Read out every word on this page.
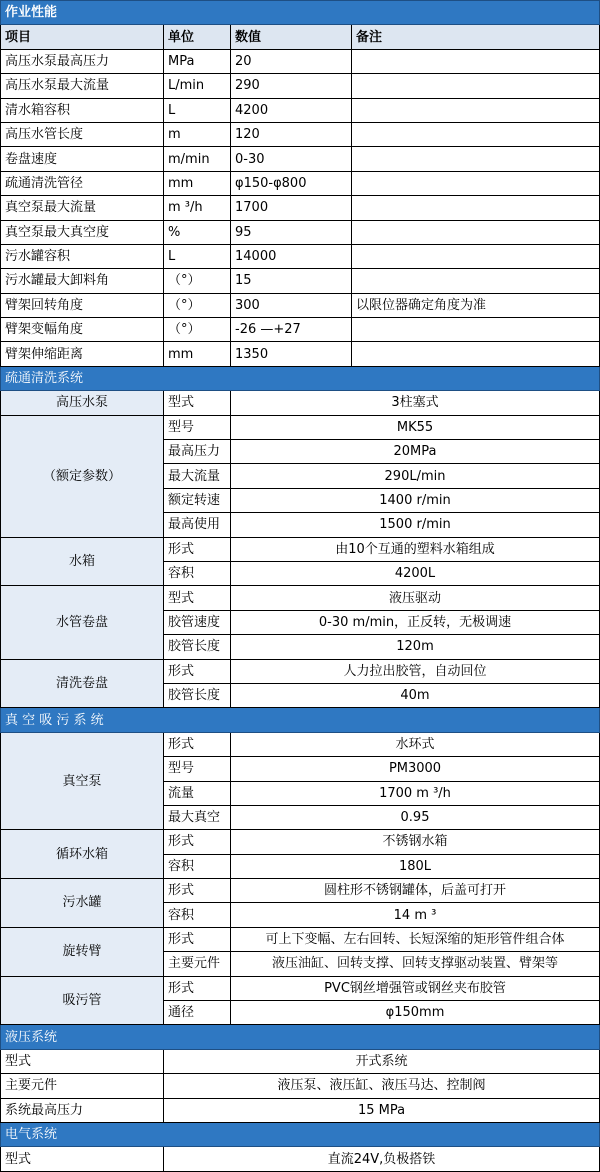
作业性能			
项目	单位	数值	备注
高压水泵最高压力	MPa	20	
高压水泵最大流量	L/min	290	
清水箱容积	L	4200	
高压水管长度	m	120	
卷盘速度	m/min	0-30	
疏通清洗管径	mm	φ150-φ800	
真空泵最大流量	m ³/h	1700	
真空泵最大真空度	%	95	
污水罐容积	L	14000	
污水罐最大卸料角	（°）	15	
臂架回转角度	（°）	300	以限位器确定角度为准
臂架变幅角度	（°）	-26 —+27	
臂架伸缩距离	mm	1350	
疏通清洗系统			
高压水泵	型式	3柱塞式	
（额定参数）	型号	MK55	
	最高压力	20MPa	
	最大流量	290L/min	
	额定转速	1400 r/min	
	最高使用	1500 r/min	
水箱	形式	由10个互通的塑料水箱组成	
	容积	4200L	
水管卷盘	型式	液压驱动	
	胶管速度	0-30 m/min，正反转，无极调速	
	胶管长度	120m	
清洗卷盘	形式	人力拉出胶管，自动回位	
	胶管长度	40m	
真 空 吸 污 系 统			
真空泵	形式	水环式	
	型号	PM3000	
	流量	1700 m ³/h	
	最大真空	0.95	
循环水箱	形式	不锈钢水箱	
	容积	180L	
污水罐	形式	圆柱形不锈钢罐体，后盖可打开	
	容积	14 m ³	
旋转臂	形式	可上下变幅、左右回转、长短深缩的矩形管件组合体	
	主要元件	液压油缸、回转支撑、回转支撑驱动装置、臂架等	
吸污管	形式	PVC钢丝增强管或钢丝夹布胶管	
	通径	φ150mm	
液压系统			
型式	开式系统		
主要元件	液压泵、液压缸、液压马达、控制阀		
系统最高压力	15 MPa		
电气系统			
型式	直流24V,负极搭铁		
